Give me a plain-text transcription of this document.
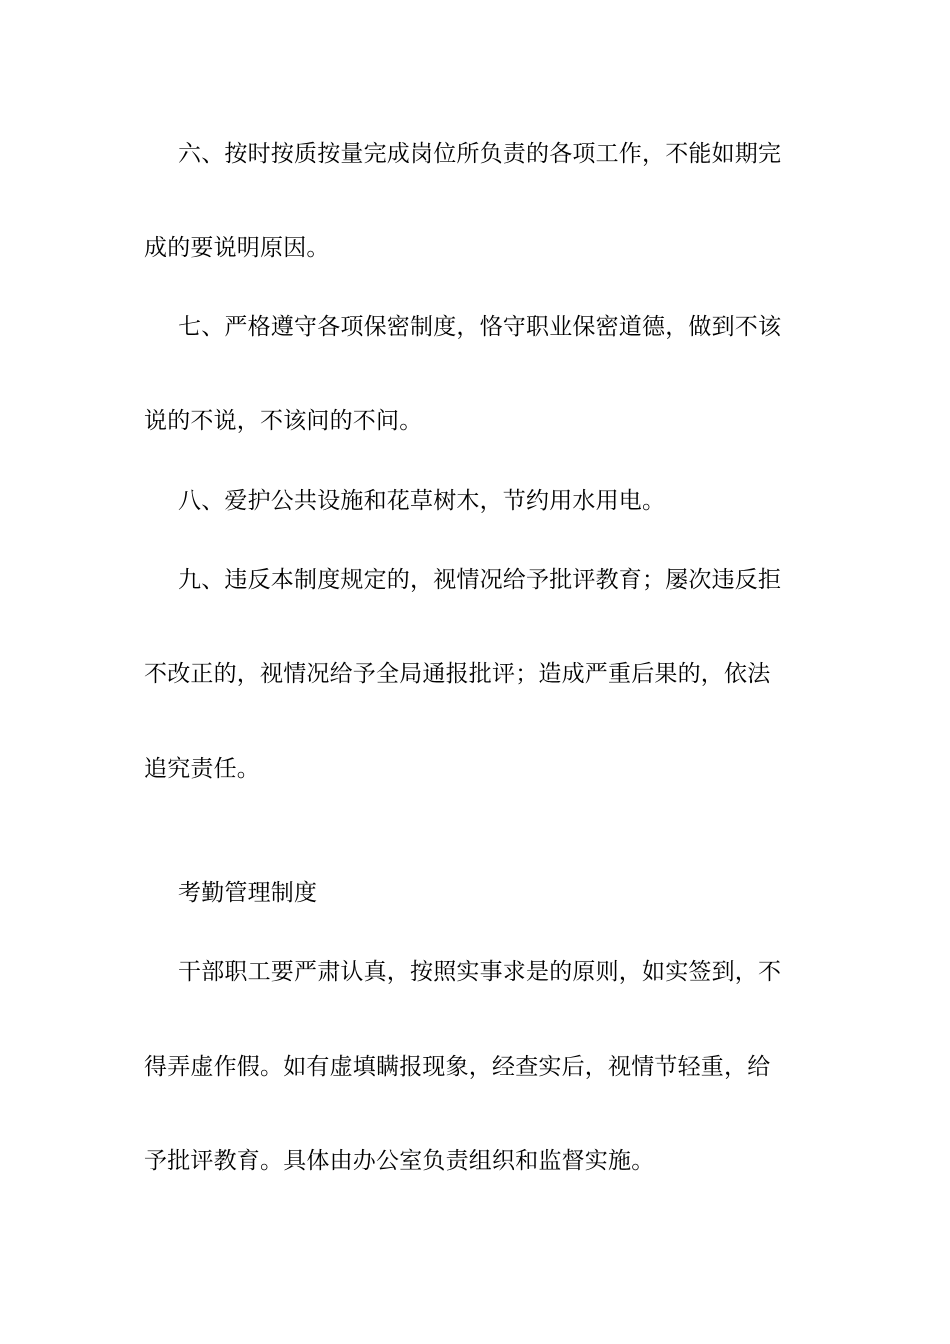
六、按时按质按量完成岗位所负责的各项工作，不能如期完
成的要说明原因。
七、严格遵守各项保密制度，恪守职业保密道德，做到不该
说的不说，不该问的不问。
八、爱护公共设施和花草树木，节约用水用电。
九、违反本制度规定的，视情况给予批评教育；屡次违反拒
不改正的，视情况给予全局通报批评；造成严重后果的，依法
追究责任。
考勤管理制度
干部职工要严肃认真，按照实事求是的原则，如实签到，不
得弄虚作假。如有虚填瞒报现象，经查实后，视情节轻重，给
予批评教育。具体由办公室负责组织和监督实施。
